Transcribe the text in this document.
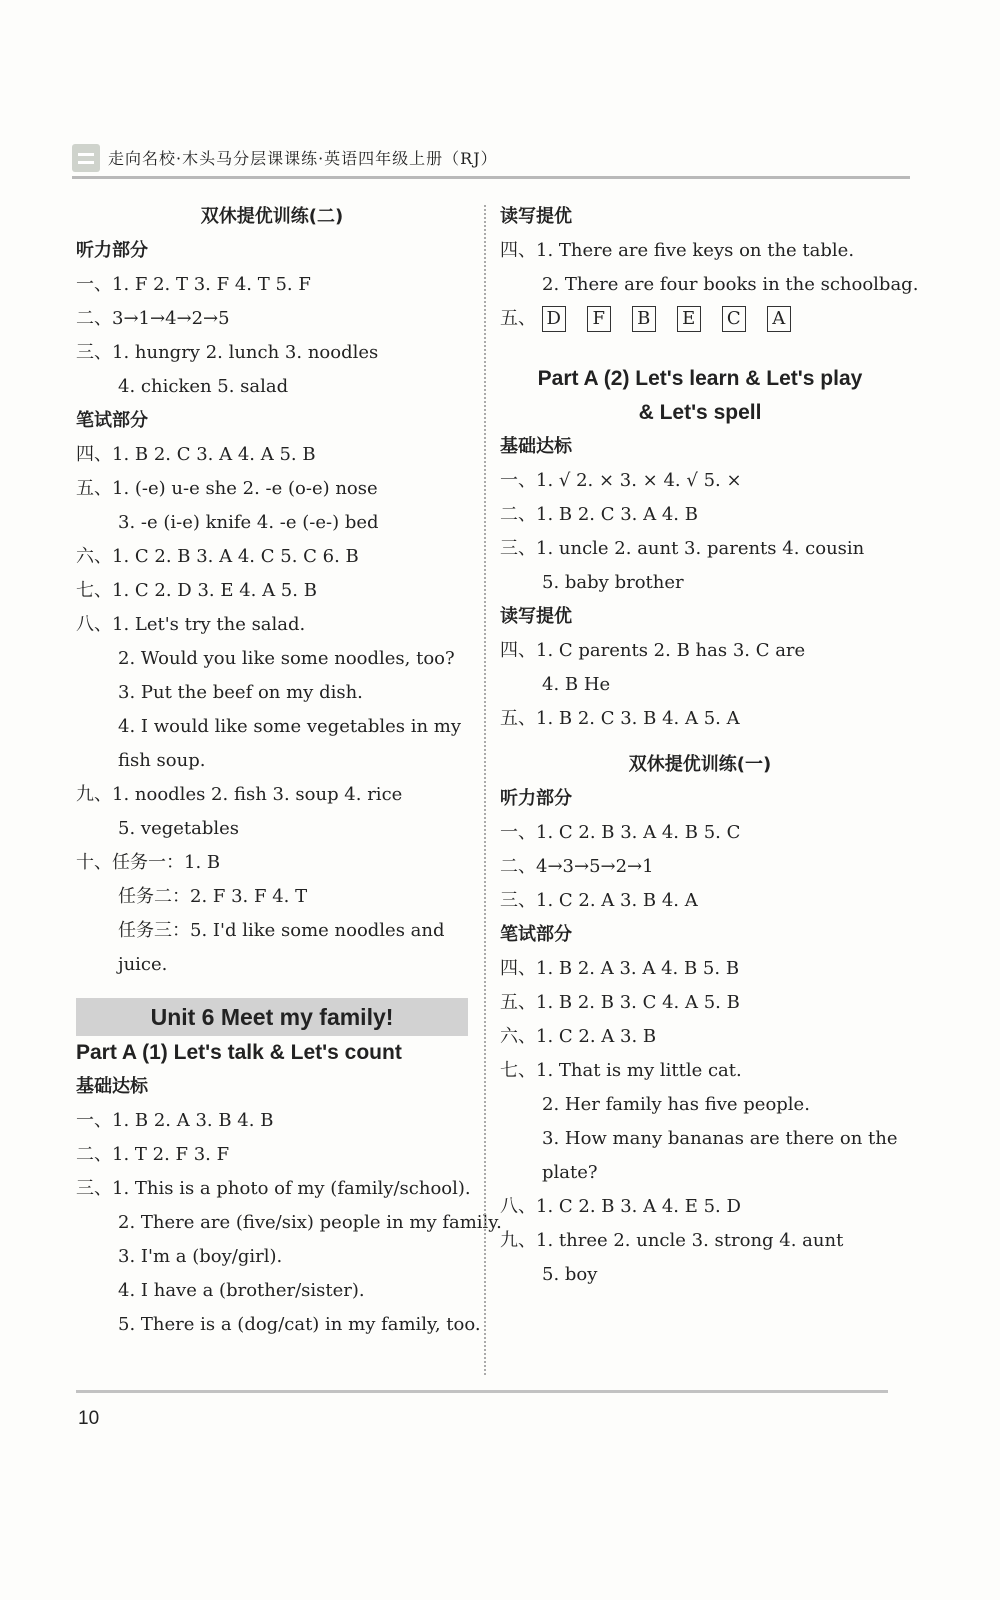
走向名校·木头马分层课课练·英语四年级上册（RJ）
双休提优训练(二)
听力部分
一、1. F 2. T 3. F 4. T 5. F
二、3→1→4→2→5
三、1. hungry 2. lunch 3. noodles
4. chicken 5. salad
笔试部分
四、1. B 2. C 3. A 4. A 5. B
五、1. (-e) u-e she 2. -e (o-e) nose
3. -e (i-e) knife 4. -e (-e-) bed
六、1. C 2. B 3. A 4. C 5. C 6. B
七、1. C 2. D 3. E 4. A 5. B
八、1. Let's try the salad.
2. Would you like some noodles, too?
3. Put the beef on my dish.
4. I would like some vegetables in my
fish soup.
九、1. noodles 2. fish 3. soup 4. rice
5. vegetables
十、任务一：1. B
任务二：2. F 3. F 4. T
任务三：5. I'd like some noodles and
juice.
Unit 6 Meet my family!
Part A (1) Let's talk & Let's count
基础达标
一、1. B 2. A 3. B 4. B
二、1. T 2. F 3. F
三、1. This is a photo of my (family/school).
2. There are (five/six) people in my family.
3. I'm a (boy/girl).
4. I have a (brother/sister).
5. There is a (dog/cat) in my family, too.
读写提优
四、1. There are five keys on the table.
2. There are four books in the schoolbag.
五、 D F B E C A
Part A (2) Let's learn & Let's play
& Let's spell
基础达标
一、1. √ 2. × 3. × 4. √ 5. ×
二、1. B 2. C 3. A 4. B
三、1. uncle 2. aunt 3. parents 4. cousin
5. baby brother
读写提优
四、1. C parents 2. B has 3. C are
4. B He
五、1. B 2. C 3. B 4. A 5. A
双休提优训练(一)
听力部分
一、1. C 2. B 3. A 4. B 5. C
二、4→3→5→2→1
三、1. C 2. A 3. B 4. A
笔试部分
四、1. B 2. A 3. A 4. B 5. B
五、1. B 2. B 3. C 4. A 5. B
六、1. C 2. A 3. B
七、1. That is my little cat.
2. Her family has five people.
3. How many bananas are there on the
plate?
八、1. C 2. B 3. A 4. E 5. D
九、1. three 2. uncle 3. strong 4. aunt
5. boy
10
